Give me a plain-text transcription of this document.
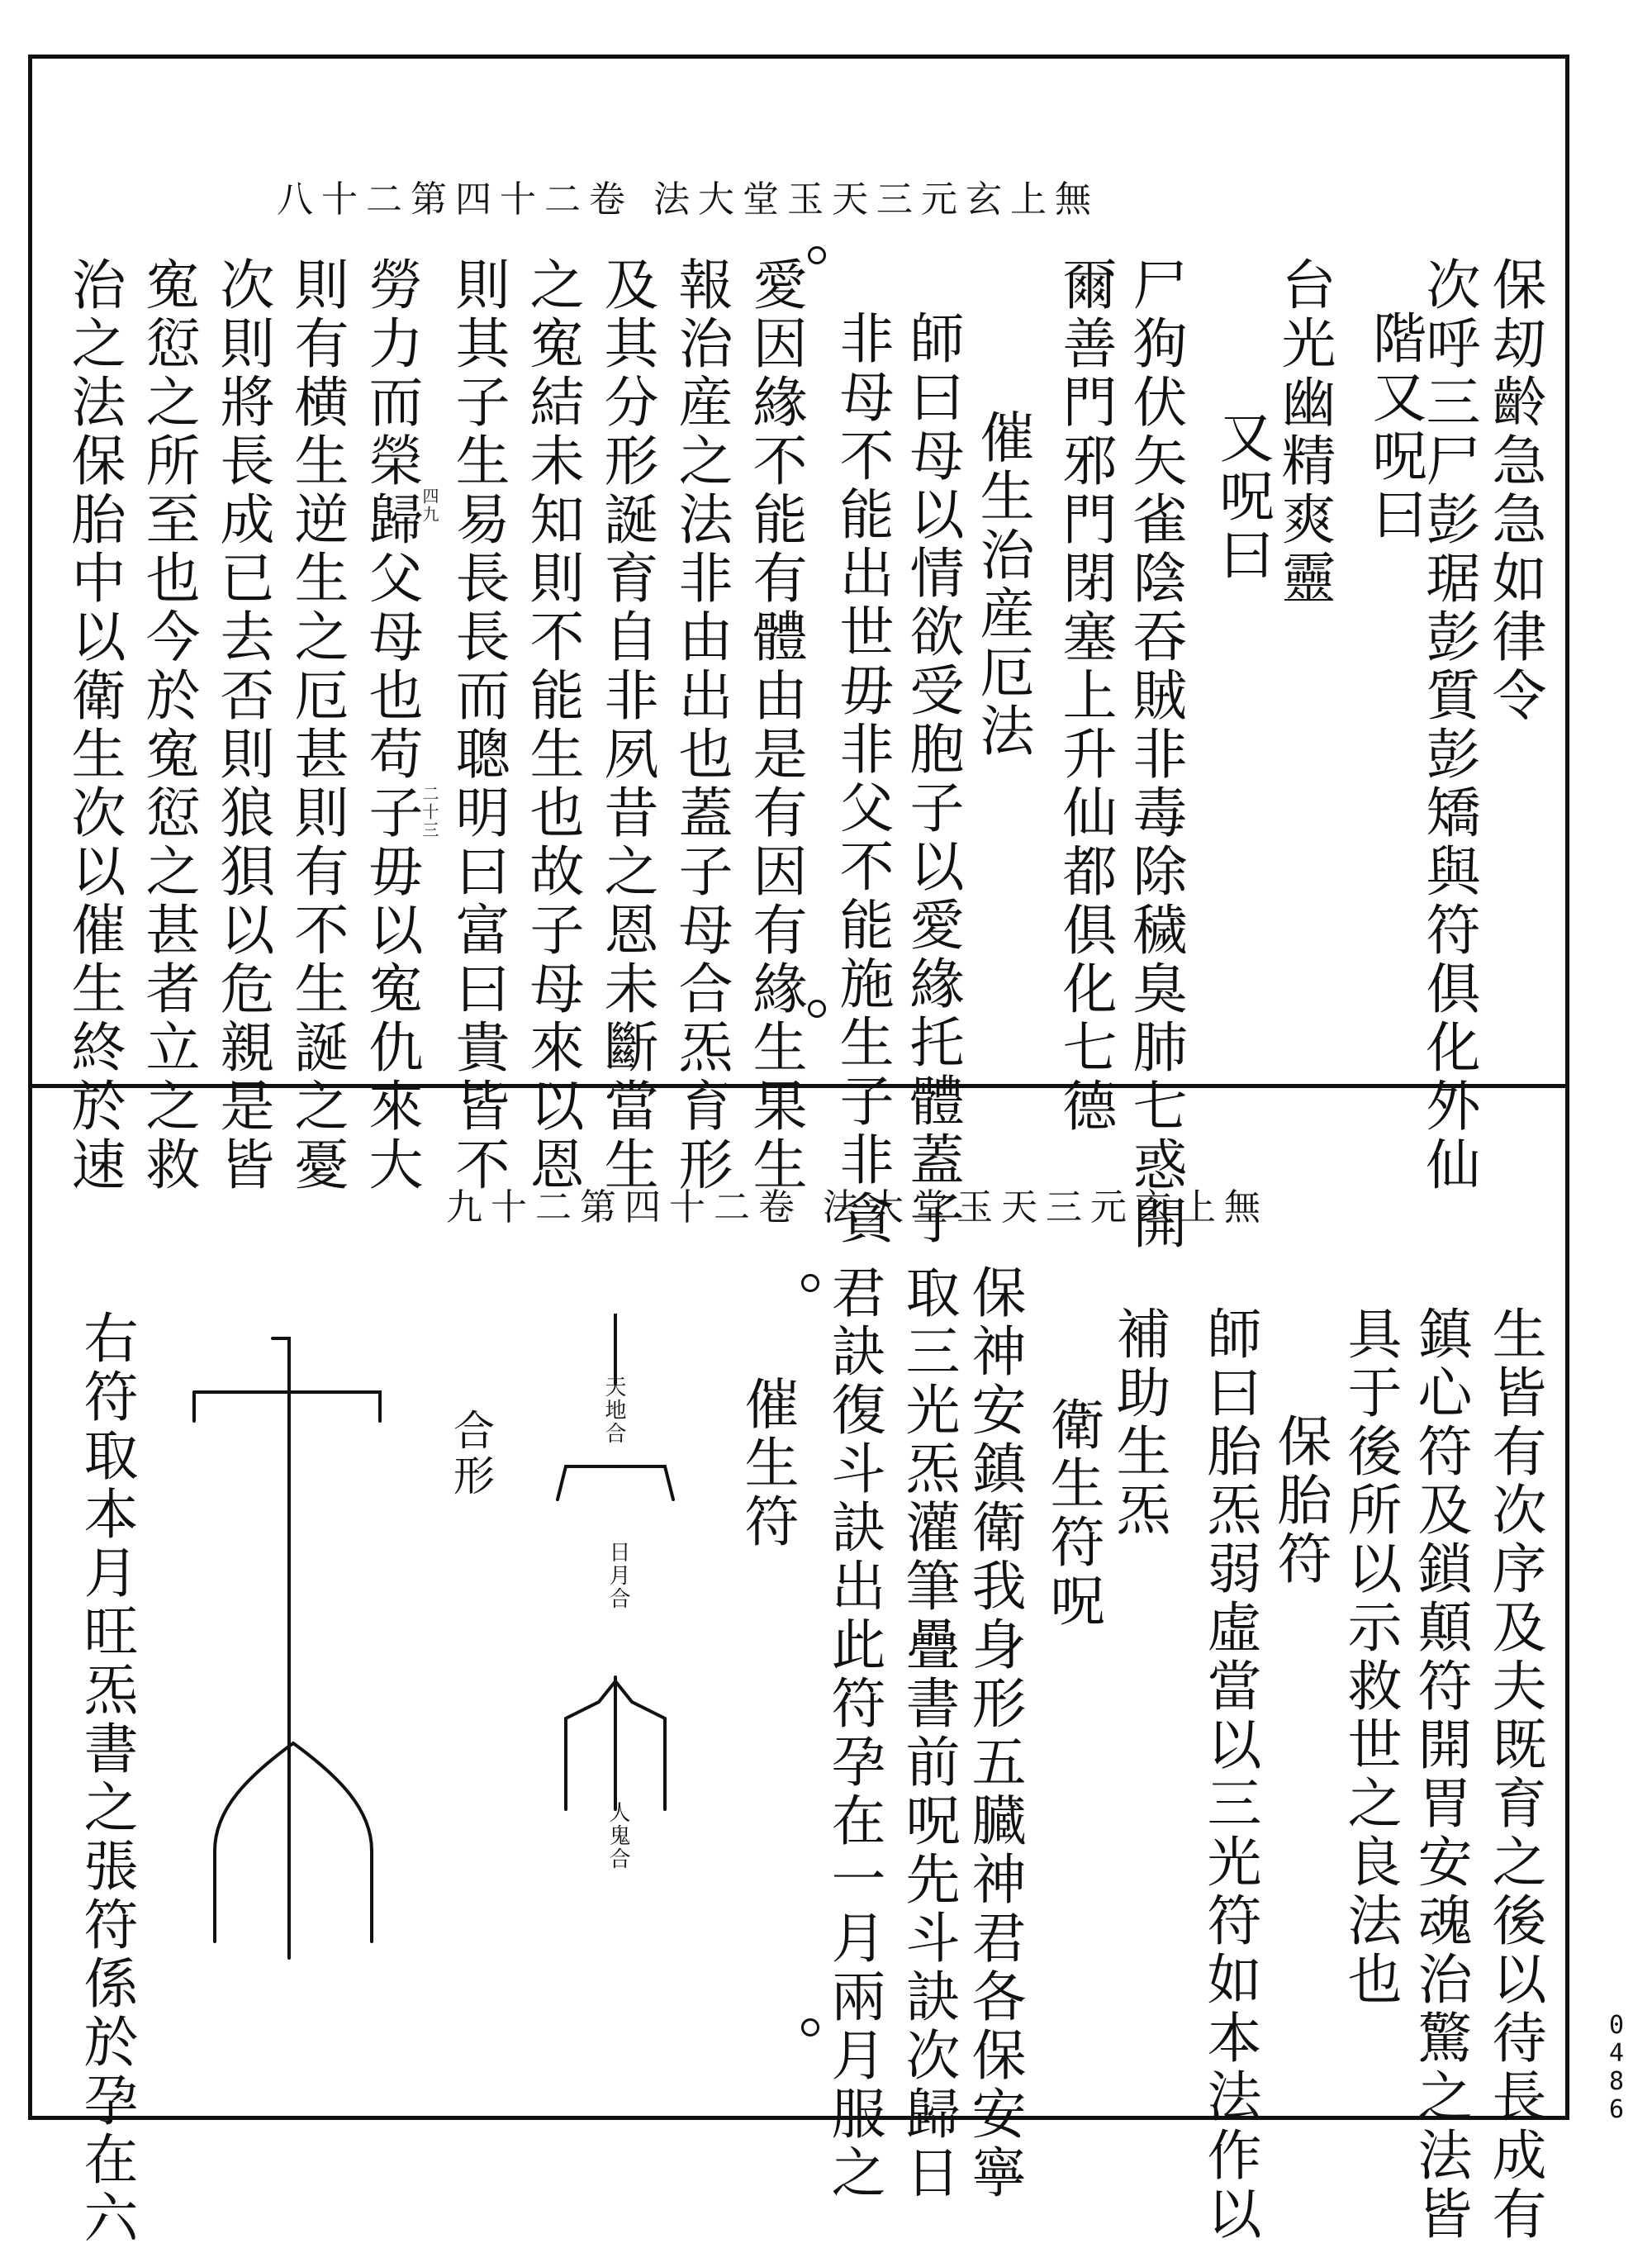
八十二第四十二卷 法大堂玉天三元玄上無
保刧齡急急如律令
次呼三尸彭琚彭質彭矯與符俱化外仙
階又呪曰
台光幽精爽靈
又呪曰
尸狗伏矢雀陰吞賊非毒除穢臭肺七惑開
爾善門邪門閉塞上升仙都俱化七德
催生治産厄法
師曰母以情欲受胞子以愛緣托體蓋子
非母不能出世毋非父不能施生子非貪
愛因緣不能有體由是有因有緣生果生
報治産之法非由出也蓋子母合炁育形
及其分形誕育自非夙昔之恩未斷當生
之寃結未知則不能生也故子母來以恩
則其子生易長長而聰明曰富曰貴皆不
勞力而榮歸父母也苟子毋以寃仇來大
則有横生逆生之厄甚則有不生誕之憂
次則將長成已去否則狼狽以危親是皆
寃愆之所至也今於寃愆之甚者立之救
治之法保胎中以衛生次以催生終於速	四九
二十三
九十二第四十二卷 法大堂玉天三元玄上無
生皆有次序及夫既育之後以待長成有
鎮心符及鎖顛符開胃安魂治驚之法皆
具于後所以示救世之良法也
保胎符
師曰胎炁弱虛當以三光符如本法作以
補助生炁
衛生符呪
保神安鎮衛我身形五臓神君各保安寧
取三光炁灌筆疊書前呪先斗訣次歸日
君訣復斗訣出此符孕在一月兩月服之
催生符
合形
右符取本月旺炁書之張符係於孕在六	天地合
日月合
人鬼合
0
4
8
6
